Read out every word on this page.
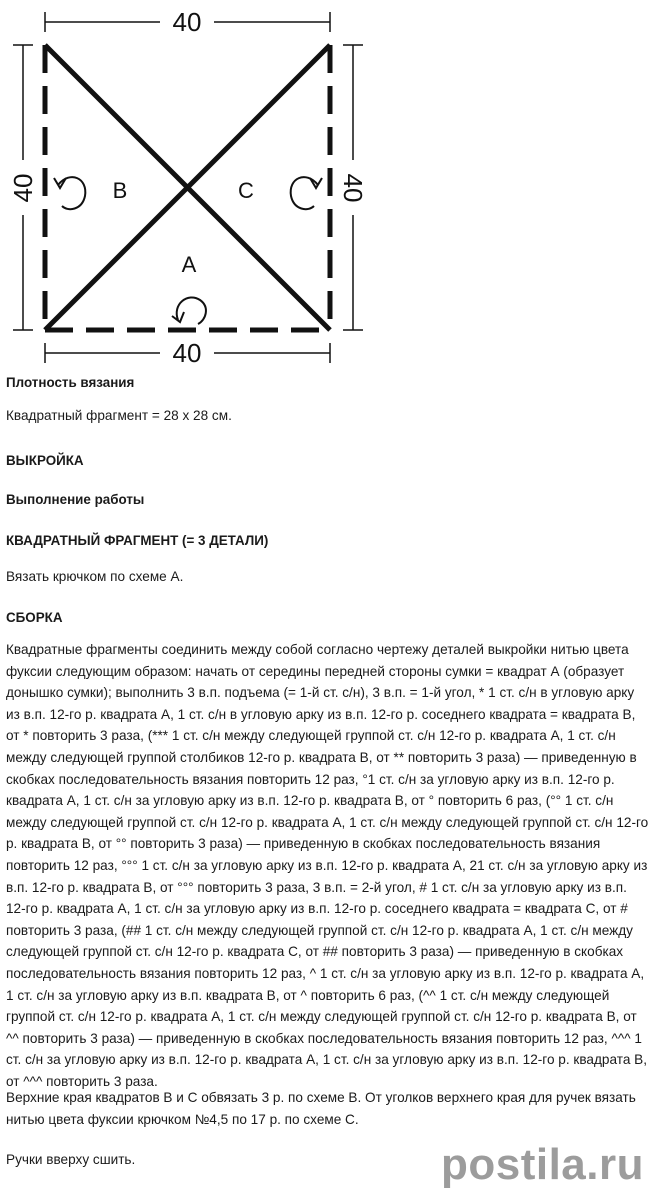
40
40	40
40
B	C
A

Плотность вязания

Квадратный фрагмент = 28 х 28 см.

ВЫКРОЙКА

Выполнение работы

КВАДРАТНЫЙ ФРАГМЕНТ (= 3 ДЕТАЛИ)

Вязать крючком по схеме А.

СБОРКА

Квадратные фрагменты соединить между собой согласно чертежу деталей выкройки нитью цвета фуксии следующим образом: начать от середины передней стороны сумки = квадрат А (образует донышко сумки); выполнить 3 в.п. подъема (= 1-й ст. с/н), 3 в.п. = 1-й угол, * 1 ст. с/н в угловую арку из в.п. 12-го р. квадрата А, 1 ст. с/н в угловую арку из в.п. 12-го р. соседнего квадрата = квадрата В, от * повторить 3 раза, (*** 1 ст. с/н между следующей группой ст. с/н 12-го р. квадрата А, 1 ст. с/н между следующей группой столбиков 12-го р. квадрата В, от ** повторить 3 раза) — приведенную в скобках последовательность вязания повторить 12 раз, °1 ст. с/н за угловую арку из в.п. 12-го р. квадрата А, 1 ст. с/н за угловую арку из в.п. 12-го р. квадрата В, от ° повторить 6 раз, (°° 1 ст. с/н между следующей группой ст. с/н 12-го р. квадрата А, 1 ст. с/н между следующей группой ст. с/н 12-го р. квадрата В, от °° повторить 3 раза) — приведенную в скобках последовательность вязания повторить 12 раз, °°° 1 ст. с/н за угловую арку из в.п. 12-го р. квадрата А, 21 ст. с/н за угловую арку из в.п. 12-го р. квадрата В, от °°° повторить 3 раза, 3 в.п. = 2-й угол, # 1 ст. с/н за угловую арку из в.п. 12-го р. квадрата А, 1 ст. с/н за угловую арку из в.п. 12-го р. соседнего квадрата = квадрата С, от # повторить 3 раза, (## 1 ст. с/н между следующей группой ст. с/н 12-го р. квадрата А, 1 ст. с/н между следующей группой ст. с/н 12-го р. квадрата С, от ## повторить 3 раза) — приведенную в скобках последовательность вязания повторить 12 раз, ^ 1 ст. с/н за угловую арку из в.п. 12-го р. квадрата А, 1 ст. с/н за угловую арку из в.п. квадрата В, от ^ повторить 6 раз, (^^ 1 ст. с/н между следующей группой ст. с/н 12-го р. квадрата А, 1 ст. с/н между следующей группой ст. с/н 12-го р. квадрата В, от ^^ повторить 3 раза) — приведенную в скобках последовательность вязания повторить 12 раз, ^^^ 1 ст. с/н за угловую арку из в.п. 12-го р. квадрата А, 1 ст. с/н за угловую арку из в.п. 12-го р. квадрата В, от ^^^ повторить 3 раза.

Верхние края квадратов В и С обвязать 3 р. по схеме В. От уголков верхнего края для ручек вязать нитью цвета фуксии крючком №4,5 по 17 р. по схеме С.

Ручки вверху сшить.	postila.ru
